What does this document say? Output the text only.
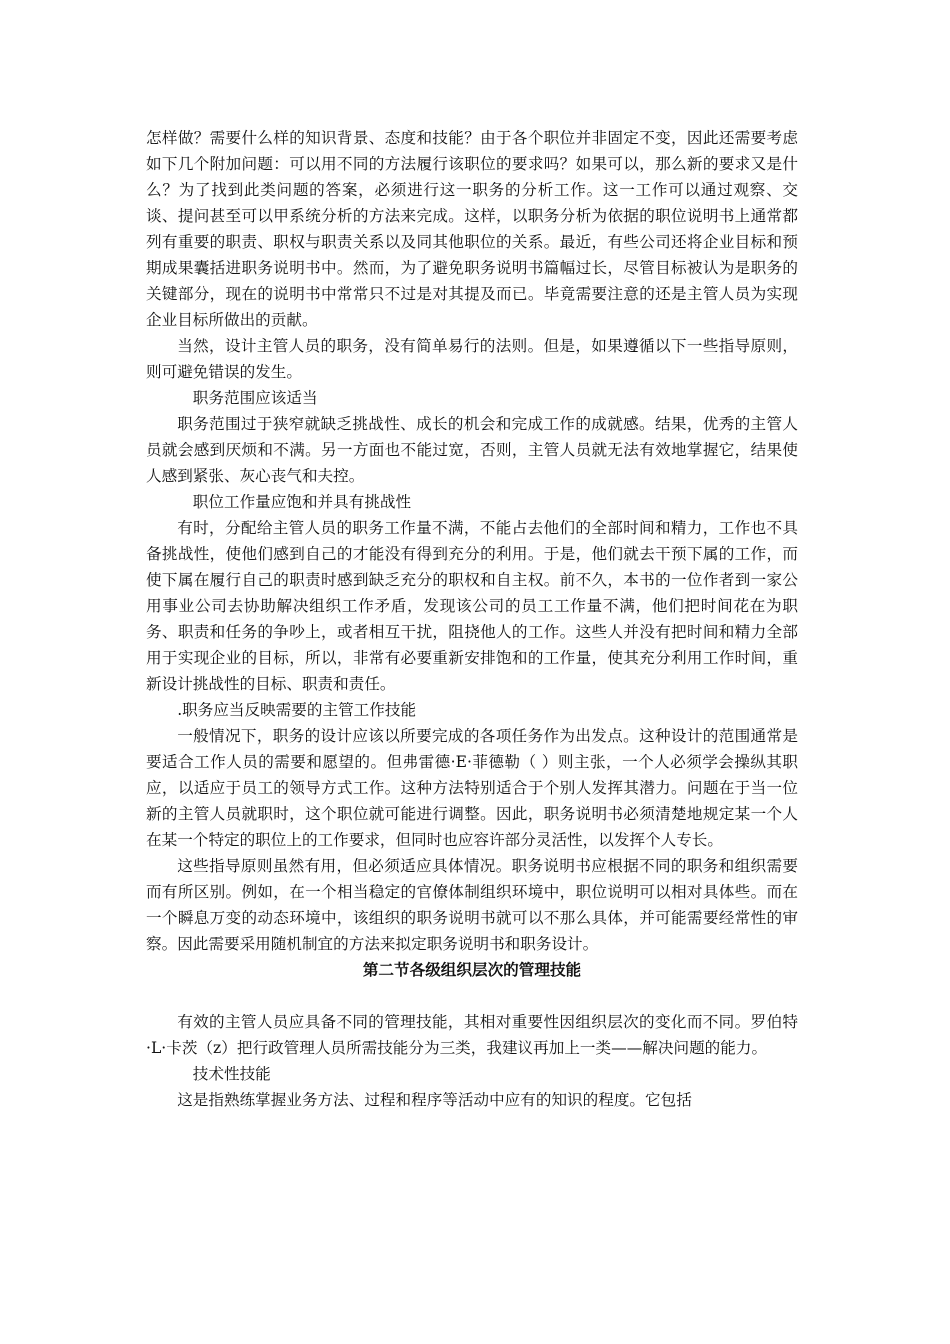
怎样做？需要什么样的知识背景、态度和技能？由于各个职位并非固定不变，因此还需要考虑如下几个附加问题：可以用不同的方法履行该职位的要求吗？如果可以，那么新的要求又是什么？为了找到此类问题的答案，必须进行这一职务的分析工作。这一工作可以通过观察、交谈、提问甚至可以甲系统分析的方法来完成。这样，以职务分析为依据的职位说明书上通常都列有重要的职责、职权与职责关系以及同其他职位的关系。最近，有些公司还将企业目标和预期成果囊括进职务说明书中。然而，为了避免职务说明书篇幅过长，尽管目标被认为是职务的关键部分，现在的说明书中常常只不过是对其提及而已。毕竟需要注意的还是主管人员为实现企业目标所做出的贡献。

当然，设计主管人员的职务，没有简单易行的法则。但是，如果遵循以下一些指导原则，则可避免错误的发生。

职务范围应该适当

职务范围过于狭窄就缺乏挑战性、成长的机会和完成工作的成就感。结果，优秀的主管人员就会感到厌烦和不满。另一方面也不能过宽，否则，主管人员就无法有效地掌握它，结果使人感到紧张、灰心丧气和夫控。

职位工作量应饱和并具有挑战性

有时，分配给主管人员的职务工作量不满，不能占去他们的全部时间和精力，工作也不具备挑战性，使他们感到自己的才能没有得到充分的利用。于是，他们就去干预下属的工作，而使下属在履行自己的职责时感到缺乏充分的职权和自主权。前不久，本书的一位作者到一家公用事业公司去协助解决组织工作矛盾，发现该公司的员工工作量不满，他们把时间花在为职务、职责和任务的争吵上，或者相互干扰，阻挠他人的工作。这些人并没有把时间和精力全部用于实现企业的目标，所以，非常有必要重新安排饱和的工作量，使其充分利用工作时间，重新设计挑战性的目标、职责和责任。

.职务应当反映需要的主管工作技能

一般情况下，职务的设计应该以所要完成的各项任务作为出发点。这种设计的范围通常是要适合工作人员的需要和愿望的。但弗雷德·E·菲德勒（ ）则主张，一个人必须学会操纵其职应，以适应于员工的领导方式工作。这种方法特别适合于个别人发挥其潜力。问题在于当一位新的主管人员就职时，这个职位就可能进行调整。因此，职务说明书必须清楚地规定某一个人在某一个特定的职位上的工作要求，但同时也应容许部分灵活性，以发挥个人专长。

这些指导原则虽然有用，但必须适应具体情况。职务说明书应根据不同的职务和组织需要而有所区别。例如，在一个相当稳定的官僚体制组织环境中，职位说明可以相对具体些。而在一个瞬息万变的动态环境中，该组织的职务说明书就可以不那么具体，并可能需要经常性的审察。因此需要采用随机制宜的方法来拟定职务说明书和职务设计。

第二节各级组织层次的管理技能

有效的主管人员应具备不同的管理技能，其相对重要性因组织层次的变化而不同。罗伯特·L·卡茨（z）把行政管理人员所需技能分为三类，我建议再加上一类——解决问题的能力。

技术性技能

这是指熟练掌握业务方法、过程和程序等活动中应有的知识的程度。它包括
